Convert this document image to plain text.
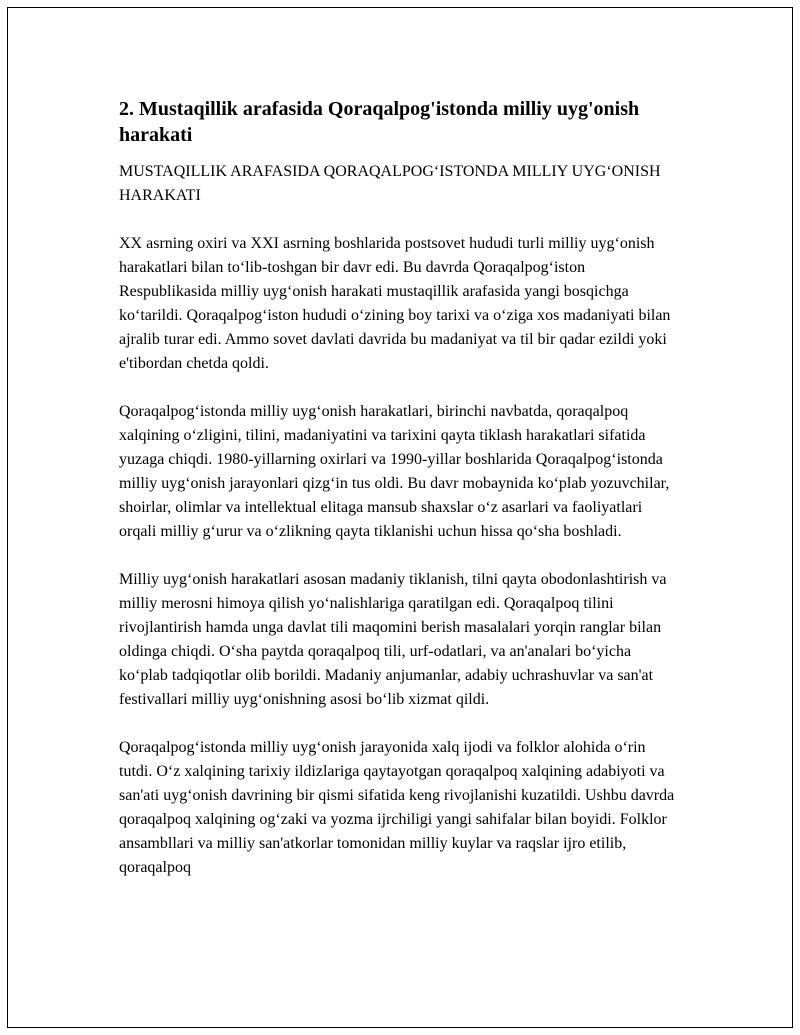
2. Mustaqillik arafasida Qoraqalpog'istonda milliy uyg'onish harakati
MUSTAQILLIK ARAFASIDA QORAQALPOG‘ISTONDA MILLIY UYG‘ONISH HARAKATI

XX asrning oxiri va XXI asrning boshlarida postsovet hududi turli milliy uyg‘onish harakatlari bilan to‘lib-toshgan bir davr edi. Bu davrda Qoraqalpog‘iston Respublikasida milliy uyg‘onish harakati mustaqillik arafasida yangi bosqichga ko‘tarildi. Qoraqalpog‘iston hududi o‘zining boy tarixi va o‘ziga xos madaniyati bilan ajralib turar edi. Ammo sovet davlati davrida bu madaniyat va til bir qadar ezildi yoki e'tibordan chetda qoldi.

Qoraqalpog‘istonda milliy uyg‘onish harakatlari, birinchi navbatda, qoraqalpoq xalqining o‘zligini, tilini, madaniyatini va tarixini qayta tiklash harakatlari sifatida yuzaga chiqdi. 1980-yillarning oxirlari va 1990-yillar boshlarida Qoraqalpog‘istonda milliy uyg‘onish jarayonlari qizg‘in tus oldi. Bu davr mobaynida ko‘plab yozuvchilar, shoirlar, olimlar va intellektual elitaga mansub shaxslar o‘z asarlari va faoliyatlari orqali milliy g‘urur va o‘zlikning qayta tiklanishi uchun hissa qo‘sha boshladi.

Milliy uyg‘onish harakatlari asosan madaniy tiklanish, tilni qayta obodonlashtirish va milliy merosni himoya qilish yo‘nalishlariga qaratilgan edi. Qoraqalpoq tilini rivojlantirish hamda unga davlat tili maqomini berish masalalari yorqin ranglar bilan oldinga chiqdi. O‘sha paytda qoraqalpoq tili, urf-odatlari, va an'analari bo‘yicha ko‘plab tadqiqotlar olib borildi. Madaniy anjumanlar, adabiy uchrashuvlar va san'at festivallari milliy uyg‘onishning asosi bo‘lib xizmat qildi.

Qoraqalpog‘istonda milliy uyg‘onish jarayonida xalq ijodi va folklor alohida o‘rin tutdi. O‘z xalqining tarixiy ildizlariga qaytayotgan qoraqalpoq xalqining adabiyoti va san'ati uyg‘onish davrining bir qismi sifatida keng rivojlanishi kuzatildi. Ushbu davrda qoraqalpoq xalqining og‘zaki va yozma ijrchiligi yangi sahifalar bilan boyidi. Folklor ansambllari va milliy san'atkorlar tomonidan milliy kuylar va raqslar ijro etilib, qoraqalpoq
